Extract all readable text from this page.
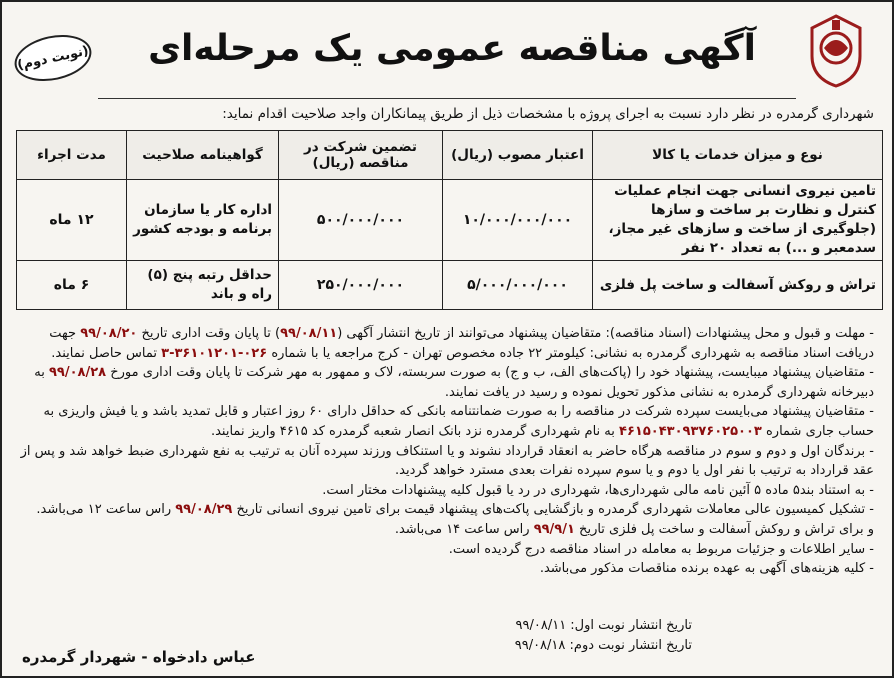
(نوبت دوم)	آگهی مناقصه عمومی یک مرحله‌ای
شهرداری گرمدره در نظر دارد نسبت به اجرای پروژه با مشخصات ذیل از طریق پیمانکاران واجد صلاحیت اقدام نماید:
نوع و میزان خدمات یا کالا	اعتبار مصوب (ریال)	تضمین شرکت در مناقصه (ریال)	گواهینامه صلاحیت	مدت اجراء
تامین نیروی انسانی جهت انجام عملیات کنترل و نظارت بر ساخت و سازها (جلوگیری از ساخت و سازهای غیر مجاز، سدمعبر و ...) به تعداد ۲۰ نفر	۱۰/۰۰۰/۰۰۰/۰۰۰	۵۰۰/۰۰۰/۰۰۰	اداره کار یا سازمان برنامه و بودجه کشور	۱۲ ماه
تراش و روکش آسفالت و ساخت پل فلزی	۵/۰۰۰/۰۰۰/۰۰۰	۲۵۰/۰۰۰/۰۰۰	حداقل رتبه پنج (۵) راه و باند	۶ ماه

- مهلت و قبول و محل پیشنهادات (اسناد مناقصه): متقاضیان پیشنهاد می‌توانند از تاریخ انتشار آگهی (۹۹/۰۸/۱۱) تا پایان وقت اداری تاریخ ۹۹/۰۸/۲۰ جهت دریافت اسناد مناقصه به شهرداری گرمدره به نشانی: کیلومتر ۲۲ جاده مخصوص تهران - کرج مراجعه یا با شماره ۰۲۶-۳۶۱۰۱۲۰۱-۳ تماس حاصل نمایند.

- متقاضیان پیشنهاد میبایست، پیشنهاد خود را (پاکت‌های الف، ب و ج) به صورت سربسته، لاک و ممهور به مهر شرکت تا پایان وقت اداری مورخ ۹۹/۰۸/۲۸ به دبیرخانه شهرداری گرمدره به نشانی مذکور تحویل نموده و رسید در یافت نمایند.

- متقاضیان پیشنهاد می‌بایست سپرده شرکت در مناقصه را به صورت ضمانتنامه بانکی که حداقل دارای ۶۰ روز اعتبار و قابل تمدید باشد و یا فیش واریزی به حساب جاری شماره ۴۶۱۵۰۴۳۰۹۳۷۶۰۲۵۰۰۳ به نام شهرداری گرمدره نزد بانک انصار شعبه گرمدره کد ۴۶۱۵ واریز نمایند.

- برندگان اول و دوم و سوم در مناقصه هرگاه حاضر به انعقاد قرارداد نشوند و یا استنکاف ورزند سپرده آنان به ترتیب به نفع شهرداری ضبط خواهد شد و پس از عقد قرارداد به ترتیب با نفر اول یا دوم و یا سوم سپرده نفرات بعدی مسترد خواهد گردید.

- به استناد بند۵ ماده ۵ آئین نامه مالی شهرداری‌ها، شهرداری در رد یا قبول کلیه پیشنهادات مختار است.

- تشکیل کمیسیون عالی معاملات شهرداری گرمدره و بازگشایی پاکت‌های پیشنهاد قیمت برای تامین نیروی انسانی تاریخ ۹۹/۰۸/۲۹ راس ساعت ۱۲ می‌باشد.

و برای تراش و روکش آسفالت و ساخت پل فلزی تاریخ ۹۹/۹/۱ راس ساعت ۱۴ می‌باشد.

- سایر اطلاعات و جزئیات مربوط به معامله در اسناد مناقصه درج گردیده است.

- کلیه هزینه‌های آگهی به عهده برنده مناقصات مذکور می‌باشد.

تاریخ انتشار نوبت اول: ۹۹/۰۸/۱۱
تاریخ انتشار نوبت دوم: ۹۹/۰۸/۱۸
عباس دادخواه - شهردار گرمدره
